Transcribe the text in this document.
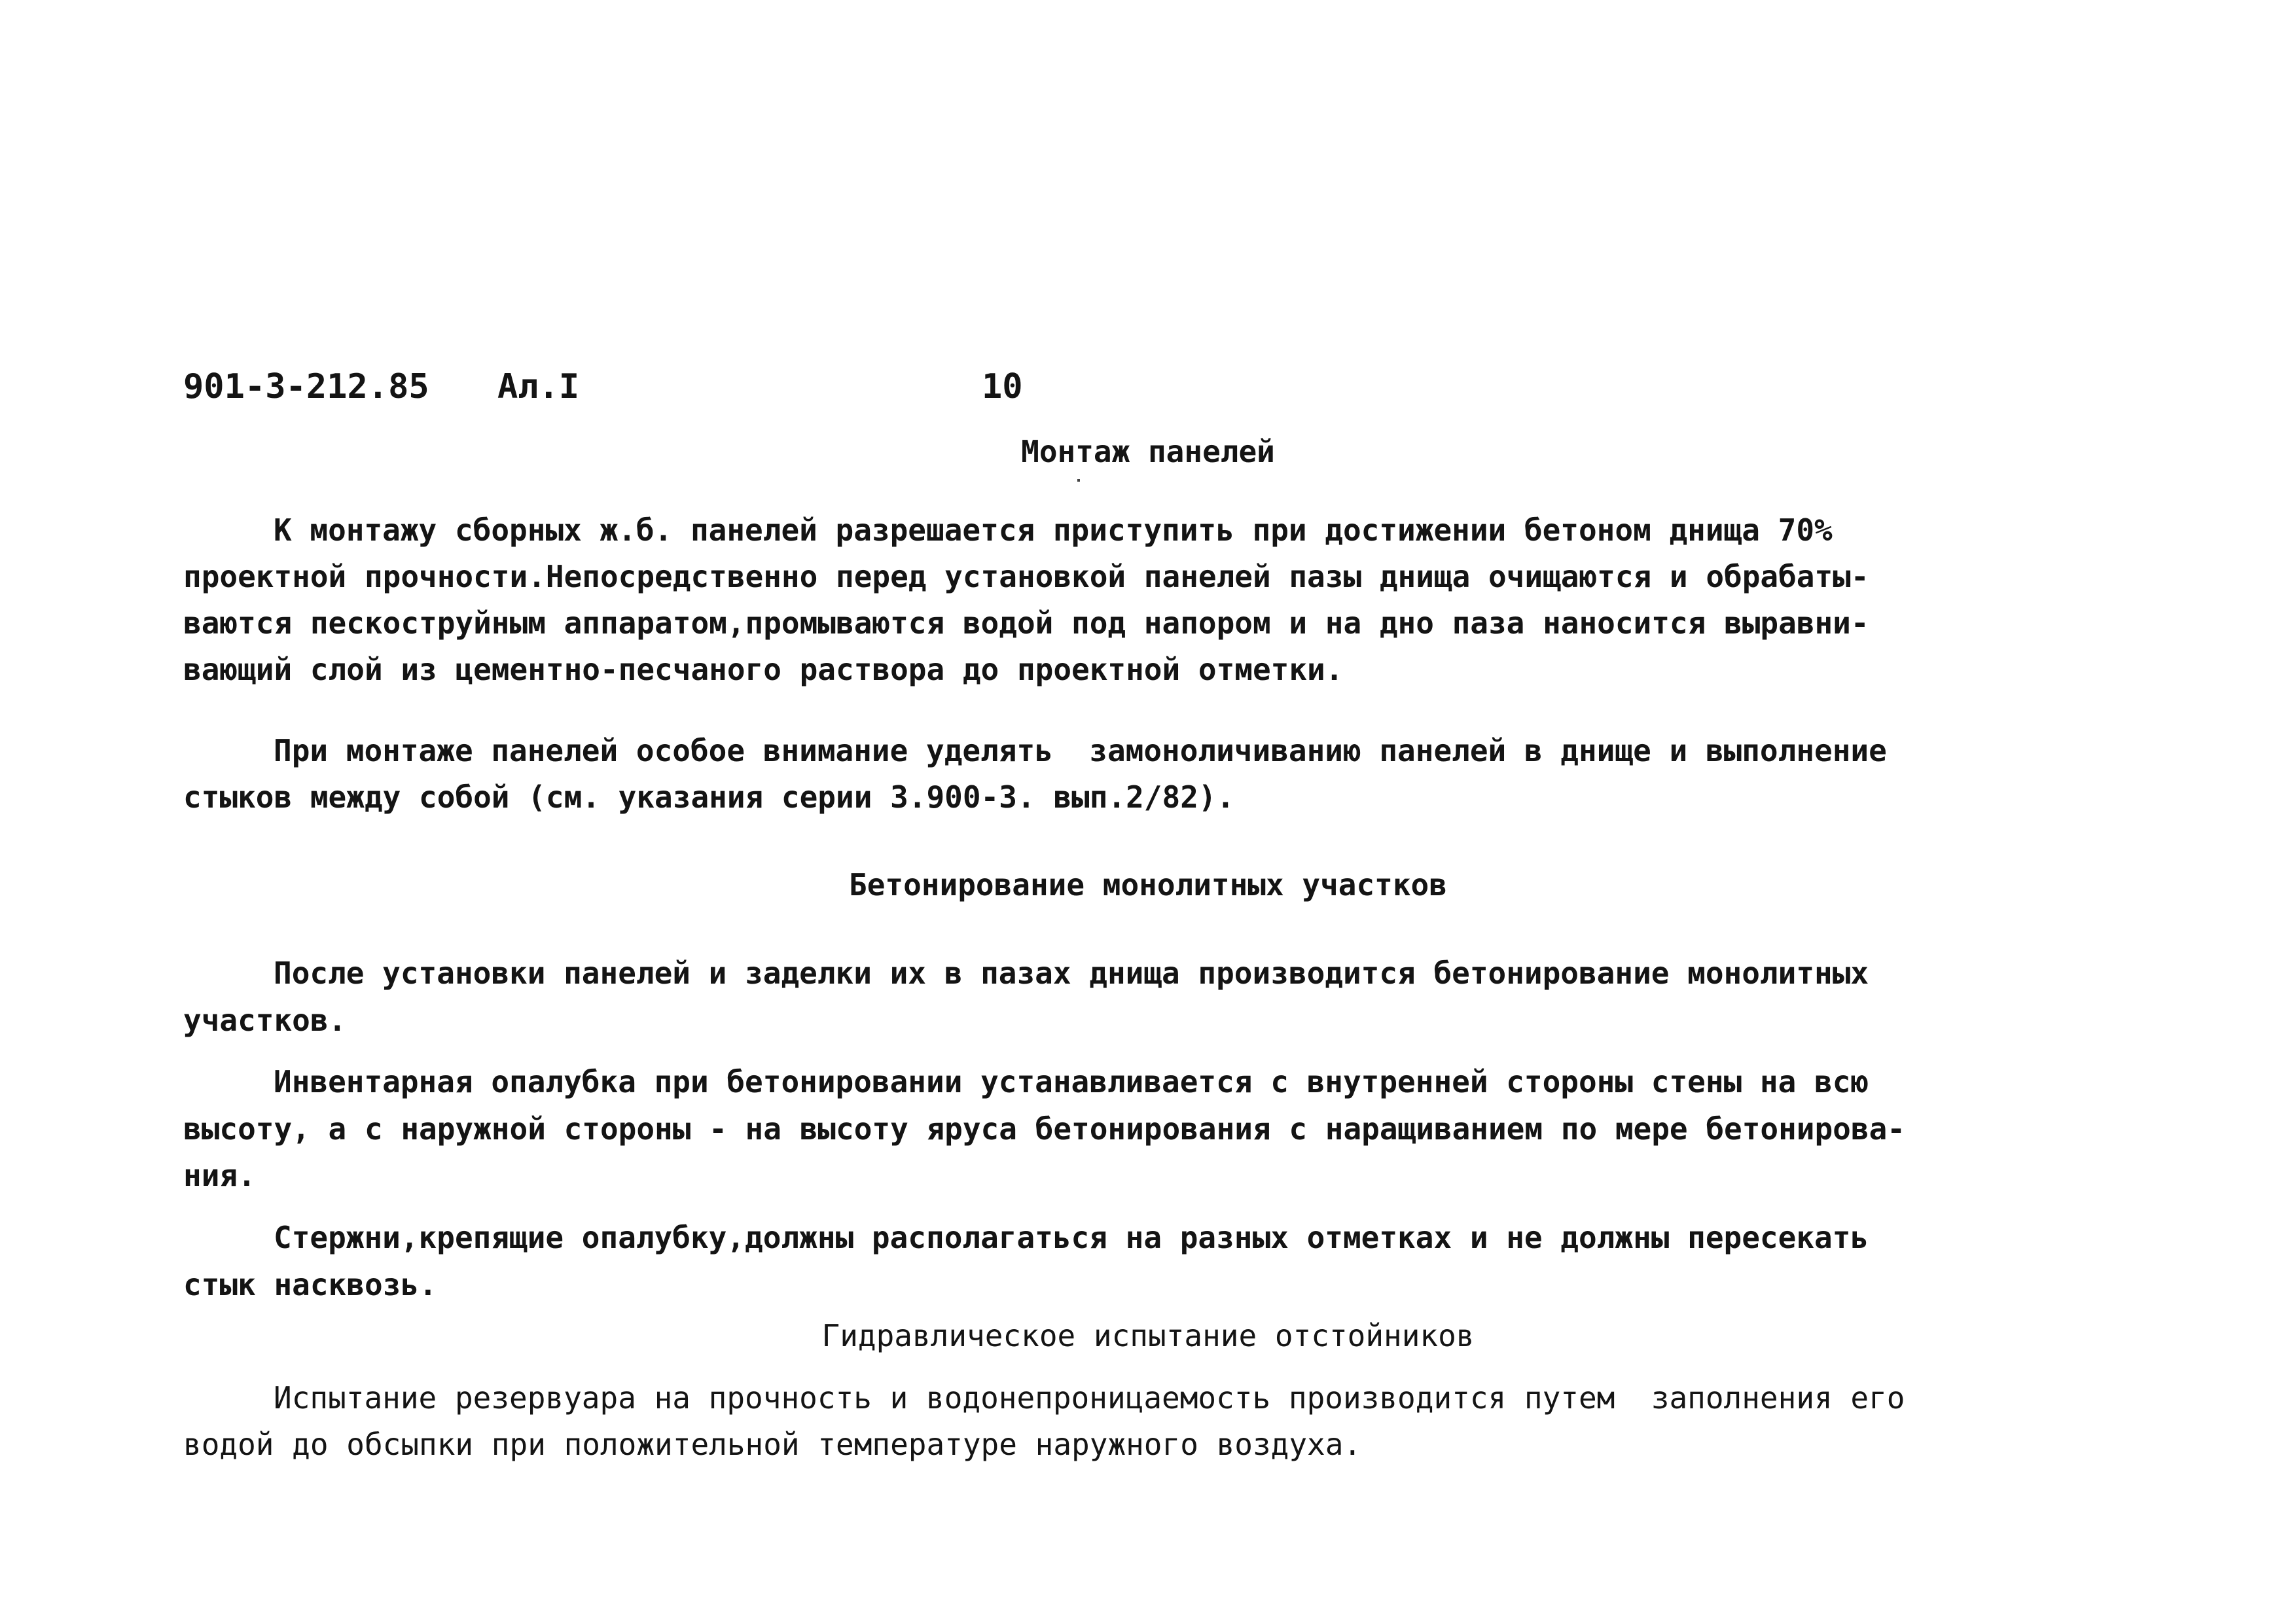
901-3-212.85 Ал.I	10
Монтаж панелей
К монтажу сборных ж.б. панелей разрешается приступить при достижении бетоном днища 70%
проектной прочности.Непосредственно перед установкой панелей пазы днища очищаются и обрабаты-
ваются пескоструйным аппаратом,промываются водой под напором и на дно паза наносится выравни-
вающий слой из цементно-песчаного раствора до проектной отметки.
При монтаже панелей особое внимание уделять  замоноличиванию панелей в днище и выполнение
стыков между собой (см. указания серии 3.900-3. вып.2/82).
Бетонирование монолитных участков
После установки панелей и заделки их в пазах днища производится бетонирование монолитных
участков.
Инвентарная опалубка при бетонировании устанавливается с внутренней стороны стены на всю
высоту, а с наружной стороны - на высоту яруса бетонирования с наращиванием по мере бетонирова-
ния.
Стержни,крепящие опалубку,должны располагаться на разных отметках и не должны пересекать
стык насквозь.
Гидравлическое испытание отстойников
Испытание резервуара на прочность и водонепроницаемость производится путем  заполнения его
водой до обсыпки при положительной температуре наружного воздуха.
